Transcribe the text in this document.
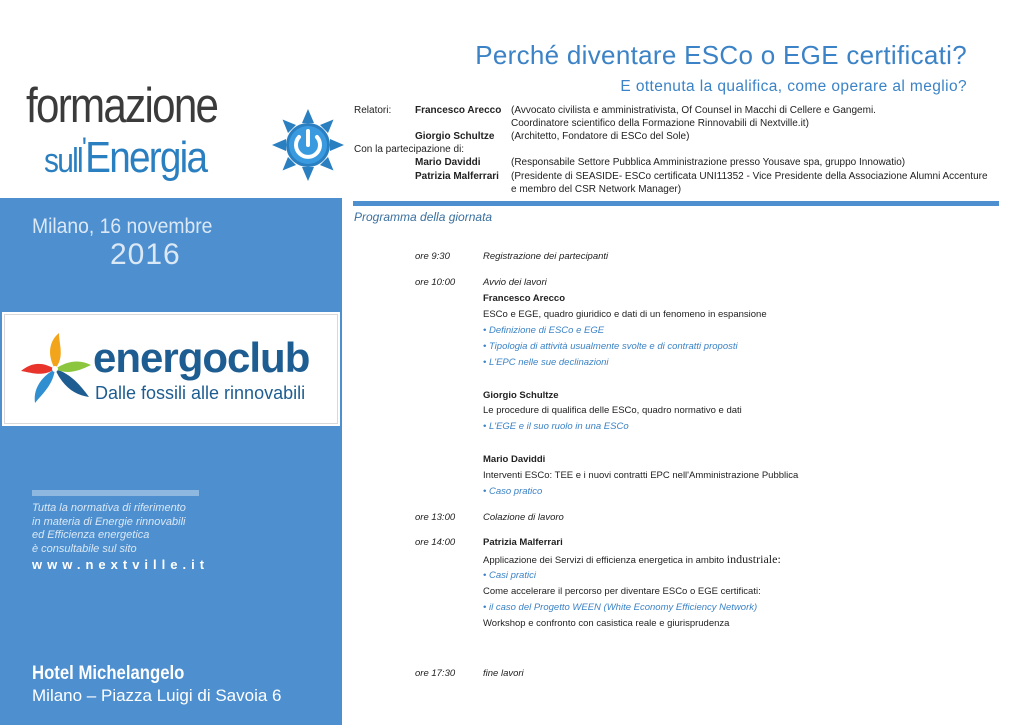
formazione
sull'Energia
Milano, 16 novembre
2016
energoclub
Dalle fossili alle rinnovabili
Tutta la normativa di riferimento
in materia di Energie rinnovabili
ed Efficienza energetica
è consultabile sul sito
www.nextville.it
Hotel Michelangelo
Milano – Piazza Luigi di Savoia 6
Perché diventare ESCo o EGE certificati?
E ottenuta la qualifica, come operare al meglio?
Relatori: Francesco Arecco (Avvocato civilista e amministrativista, Of Counsel in Macchi di Cellere e Gangemi.
Coordinatore scientifico della Formazione Rinnovabili di Nextville.it)
Giorgio Schultze (Architetto, Fondatore di ESCo del Sole)
Con la partecipazione di:
Mario Daviddi	(Responsabile Settore Pubblica Amministrazione presso Yousave spa, gruppo Innowatio)
Patrizia Malferrari (Presidente di SEASIDE- ESCo certificata UNI11352 - Vice Presidente della Associazione Alumni Accenture
e membro del CSR Network Manager)
Programma della giornata
ore 9:30	Registrazione dei partecipanti
ore 10:00	Avvio dei lavori
Francesco Arecco
ESCo e EGE, quadro giuridico e dati di un fenomeno in espansione
• Definizione di ESCo e EGE
• Tipologia di attività usualmente svolte e di contratti proposti
• L'EPC nelle sue declinazioni
Giorgio Schultze
Le procedure di qualifica delle ESCo, quadro normativo e dati
• L'EGE e il suo ruolo in una ESCo
Mario Daviddi
Interventi ESCo: TEE e i nuovi contratti EPC nell'Amministrazione Pubblica
• Caso pratico
ore 13:00	Colazione di lavoro
ore 14:00	Patrizia Malferrari
Applicazione dei Servizi di efficienza energetica in ambito industriale:
• Casi pratici
Come accelerare il percorso per diventare ESCo o EGE certificati:
• il caso del Progetto WEEN (White Economy Efficiency Network)
Workshop e confronto con casistica reale e giurisprudenza
ore 17:30	fine lavori
